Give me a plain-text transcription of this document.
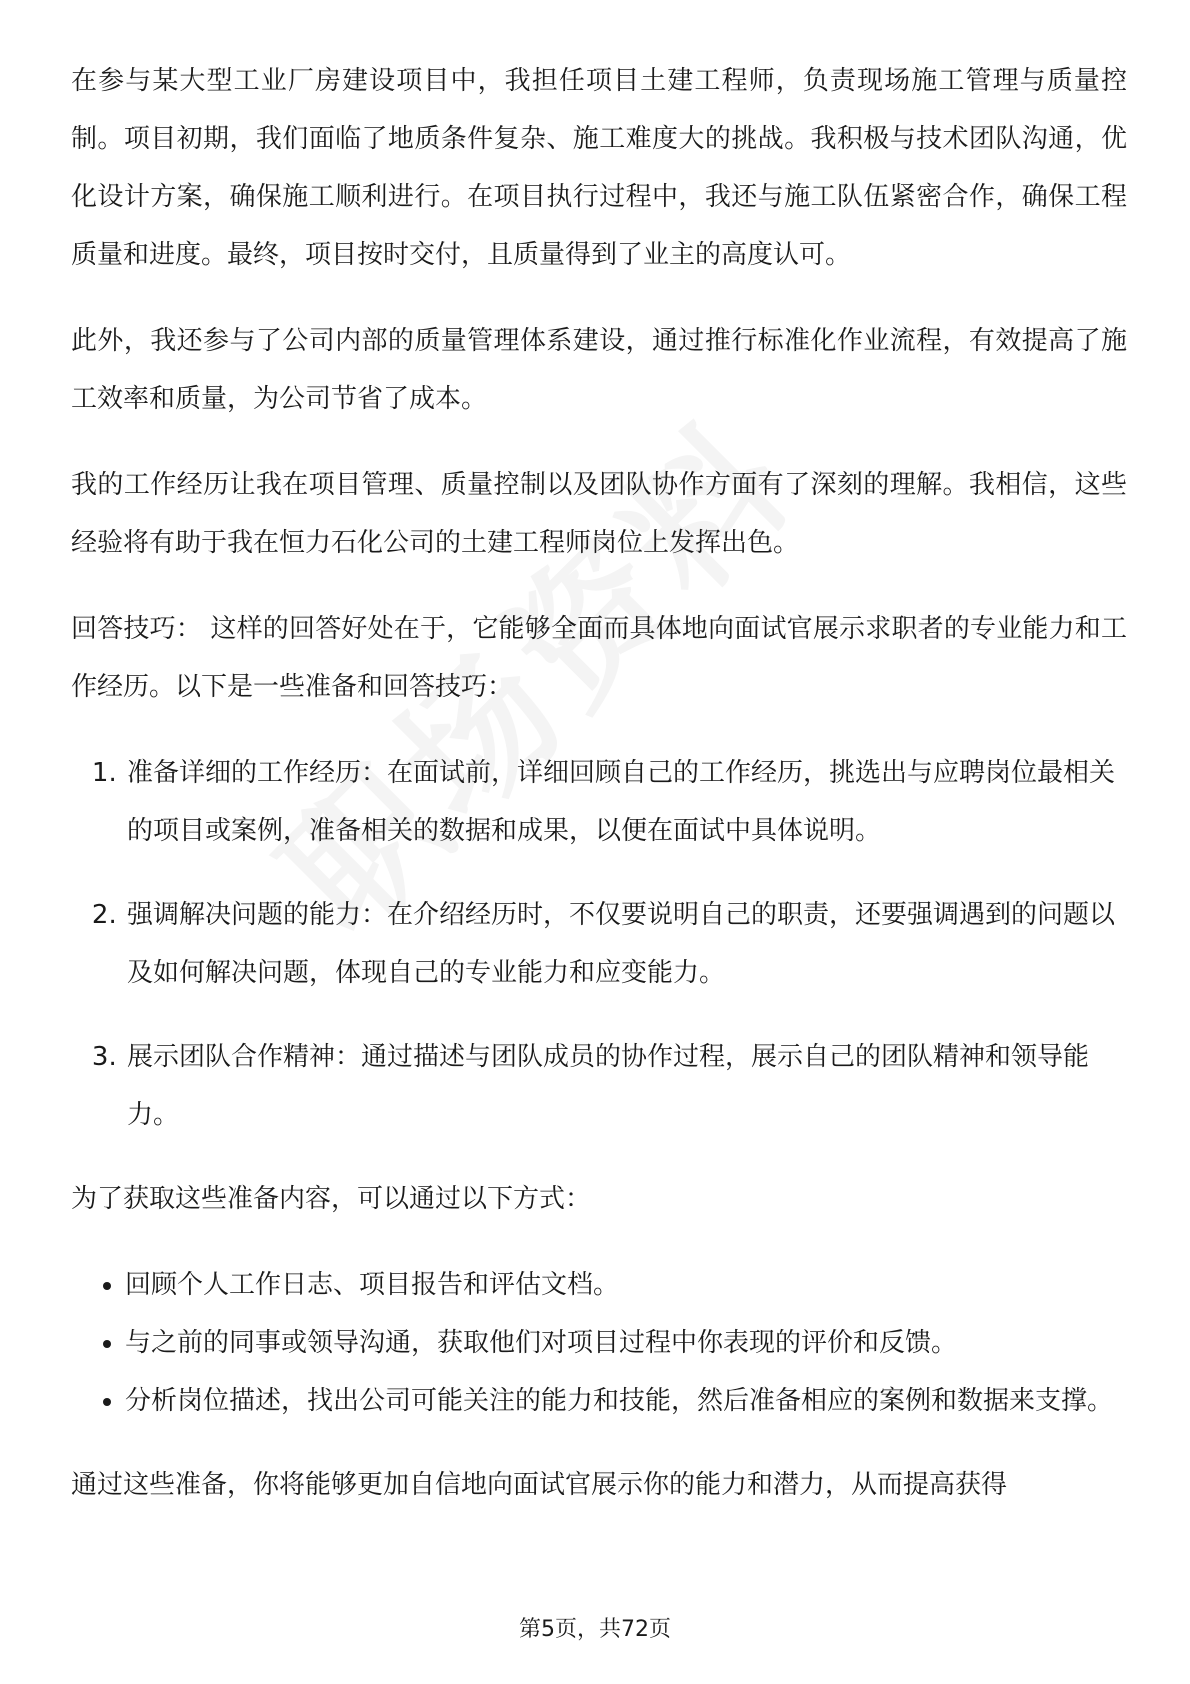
在参与某大型工业厂房建设项目中，我担任项目土建工程师，负责现场施工管理与质量控制。项目初期，我们面临了地质条件复杂、施工难度大的挑战。我积极与技术团队沟通，优化设计方案，确保施工顺利进行。在项目执行过程中，我还与施工队伍紧密合作，确保工程质量和进度。最终，项目按时交付，且质量得到了业主的高度认可。

此外，我还参与了公司内部的质量管理体系建设，通过推行标准化作业流程，有效提高了施工效率和质量，为公司节省了成本。

我的工作经历让我在项目管理、质量控制以及团队协作方面有了深刻的理解。我相信，这些经验将有助于我在恒力石化公司的土建工程师岗位上发挥出色。

回答技巧： 这样的回答好处在于，它能够全面而具体地向面试官展示求职者的专业能力和工作经历。以下是一些准备和回答技巧：

1. 准备详细的工作经历：在面试前，详细回顾自己的工作经历，挑选出与应聘岗位最相关的项目或案例，准备相关的数据和成果，以便在面试中具体说明。
2. 强调解决问题的能力：在介绍经历时，不仅要说明自己的职责，还要强调遇到的问题以及如何解决问题，体现自己的专业能力和应变能力。
3. 展示团队合作精神：通过描述与团队成员的协作过程，展示自己的团队精神和领导能力。

为了获取这些准备内容，可以通过以下方式：

• 回顾个人工作日志、项目报告和评估文档。
• 与之前的同事或领导沟通，获取他们对项目过程中你表现的评价和反馈。
• 分析岗位描述，找出公司可能关注的能力和技能，然后准备相应的案例和数据来支撑。

通过这些准备，你将能够更加自信地向面试官展示你的能力和潜力，从而提高获得

第5页，共72页
